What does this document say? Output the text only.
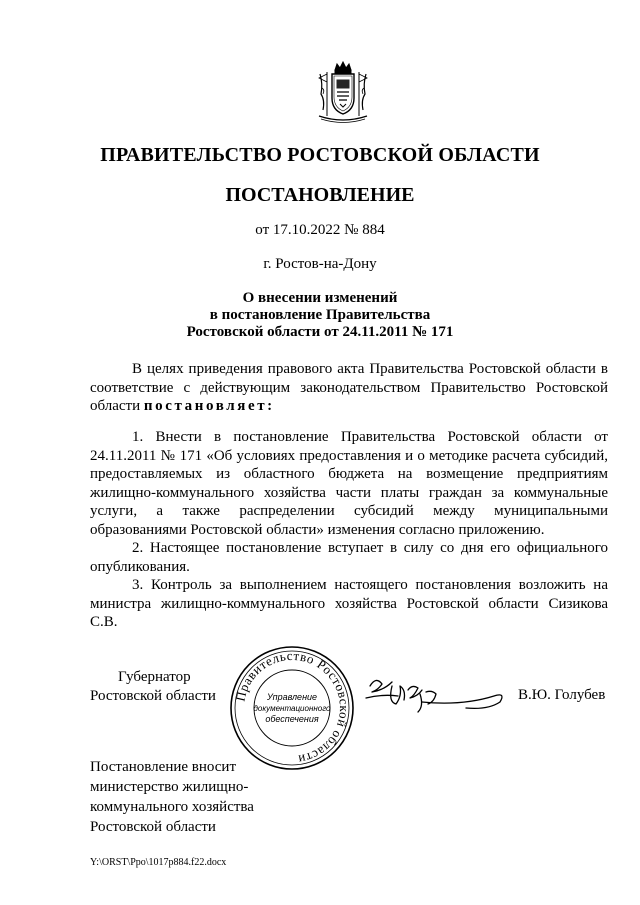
ПРАВИТЕЛЬСТВО РОСТОВСКОЙ ОБЛАСТИ
ПОСТАНОВЛЕНИЕ
от 17.10.2022 № 884
г. Ростов-на-Дону
О внесении изменений
в постановление Правительства
Ростовской области от 24.11.2011 № 171

В целях приведения правового акта Правительства Ростовской области в соответствие с действующим законодательством Правительство Ростовской области постановляет:

1. Внести в постановление Правительства Ростовской области от 24.11.2011 № 171 «Об условиях предоставления и о методике расчета субсидий, предоставляемых из областного бюджета на возмещение предприятиям жилищно-коммунального хозяйства части платы граждан за коммунальные услуги, а также распределении субсидий между муниципальными образованиями Ростовской области» изменения согласно приложению.

2. Настоящее постановление вступает в силу со дня его официального опубликования.

3. Контроль за выполнением настоящего постановления возложить на министра жилищно-коммунального хозяйства Ростовской области Сизикова С.В.

Губернатор
Ростовской области Правительство Ростовской области
Управление
документационного
обеспечения
В.Ю. Голубев
Постановление вносит
министерство жилищно-
коммунального хозяйства
Ростовской области
Y:\ORST\Ppo\1017p884.f22.docx
